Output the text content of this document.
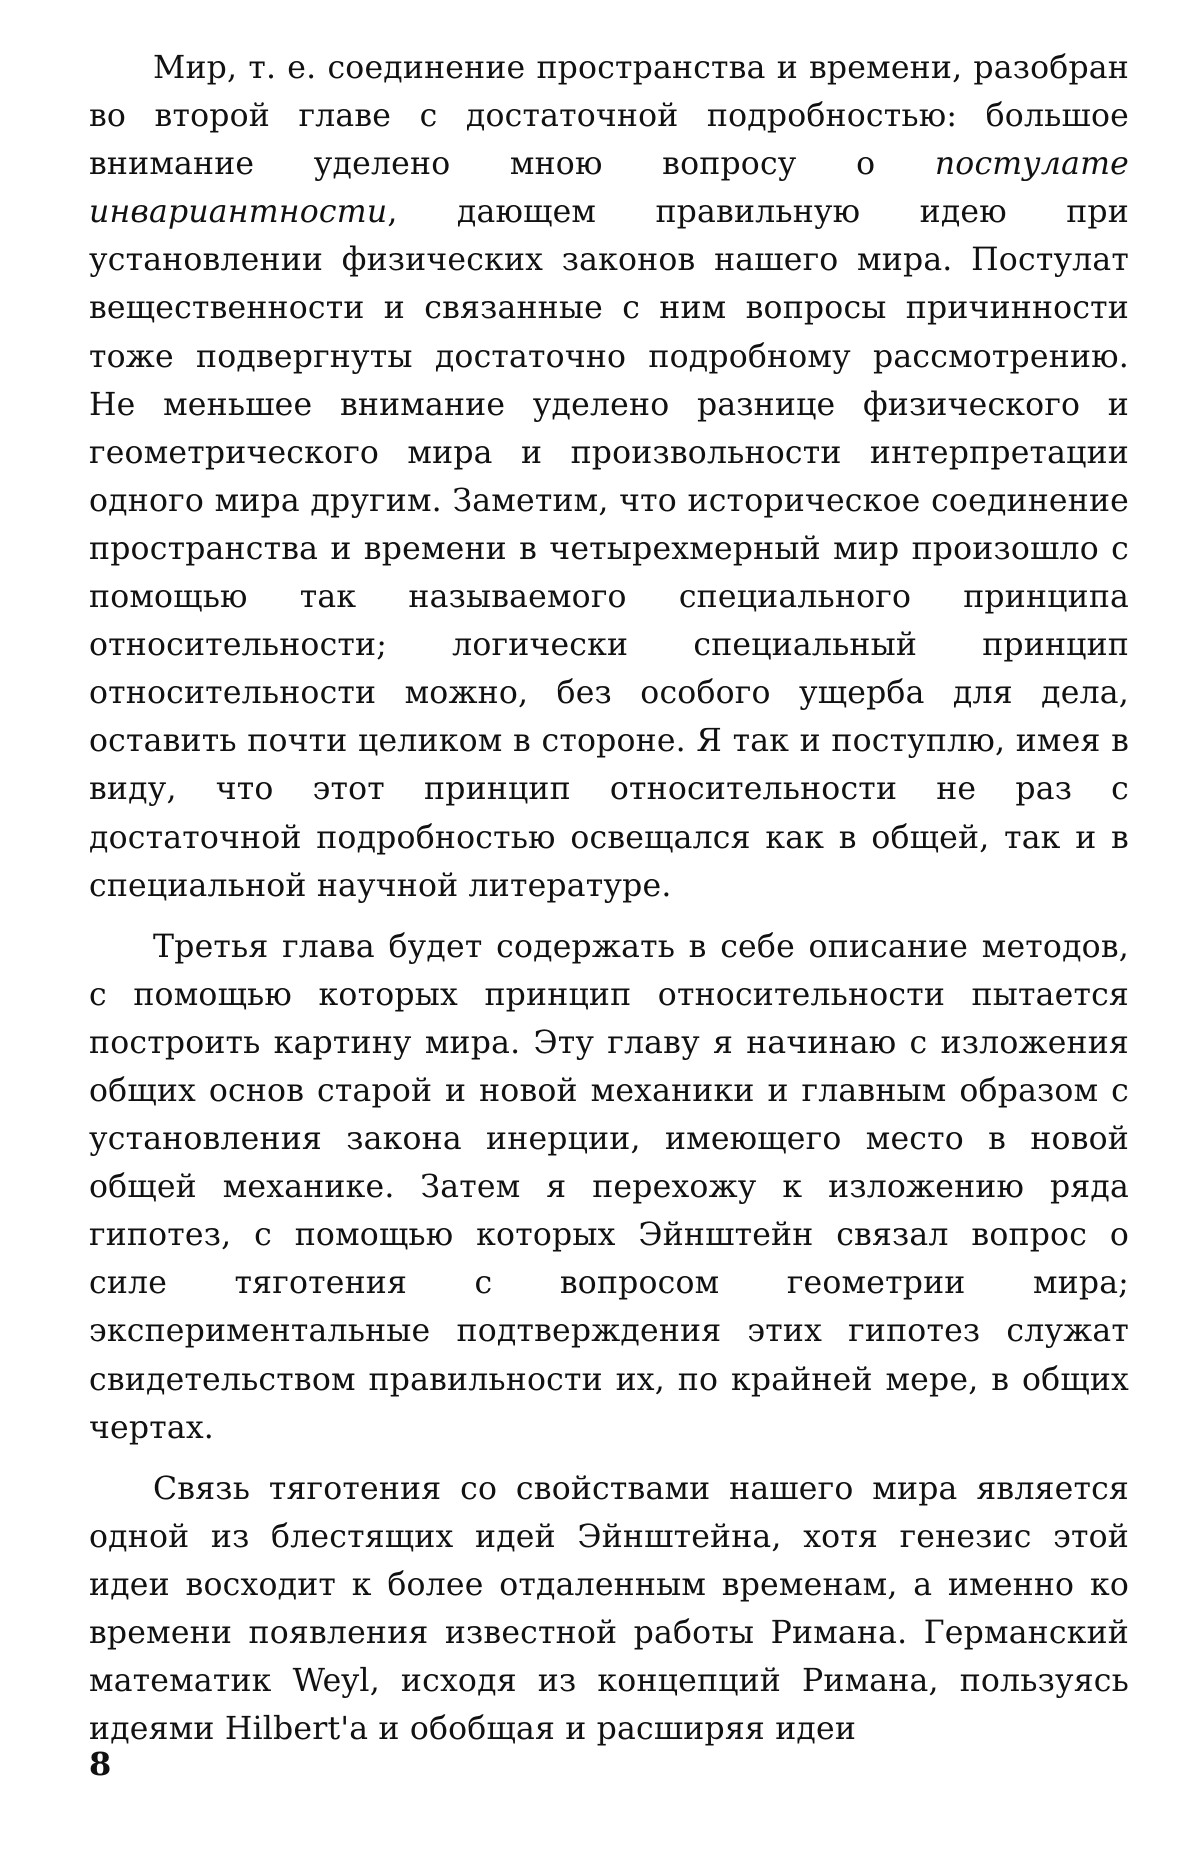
Мир, т. е. соединение пространства и времени, разобран во второй главе с достаточной подробностью: большое внимание уделено мною вопросу о постулате инвариантности, дающем правильную идею при установлении физических законов нашего мира. Постулат вещественности и связанные с ним вопросы причинности тоже подвергнуты достаточно подробному рассмотрению. Не меньшее внимание уделено разнице физического и геометрического мира и произвольности интерпретации одного мира другим. Заметим, что историческое соединение пространства и времени в четырехмерный мир произошло с помощью так называемого специального принципа относительности; логически специальный принцип относительности можно, без особого ущерба для дела, оставить почти целиком в стороне. Я так и поступлю, имея в виду, что этот принцип относительности не раз с достаточной подробностью освещался как в общей, так и в специальной научной литературе.

Третья глава будет содержать в себе описание методов, с помощью которых принцип относительности пытается построить картину мира. Эту главу я начинаю с изложения общих основ старой и новой механики и главным образом с установления закона инерции, имеющего место в новой общей механике. Затем я перехожу к изложению ряда гипотез, с помощью которых Эйнштейн связал вопрос о силе тяготения с вопросом геометрии мира; экспериментальные подтверждения этих гипотез служат свидетельством правильности их, по крайней мере, в общих чертах.

Связь тяготения со свойствами нашего мира является одной из блестящих идей Эйнштейна, хотя генезис этой идеи восходит к более отдаленным временам, а именно ко времени появления известной работы Римана. Германский математик Weyl, исходя из концепций Римана, пользуясь идеями Hilbert'а и обобщая и расширяя идеи

8
